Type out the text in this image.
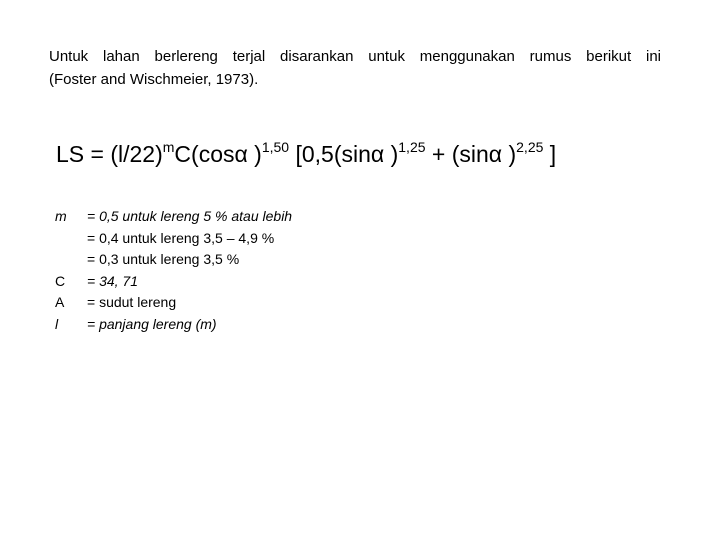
Untuk lahan berlereng terjal disarankan untuk menggunakan rumus berikut ini
(Foster and Wischmeier, 1973).

LS = $(l/22)^mC(\cos\alpha$ )$^{1,50}$ [0,5(sinα )$^{1,25}$ + (sinα )$^{2,25}$ ]

m	= 0,5 untuk lereng 5 % atau lebih
= 0,4 untuk lereng 3,5 – 4,9 %
= 0,3 untuk lereng 3,5 %
C	= 34, 71
A	= sudut lereng
l	= panjang lereng (m)
